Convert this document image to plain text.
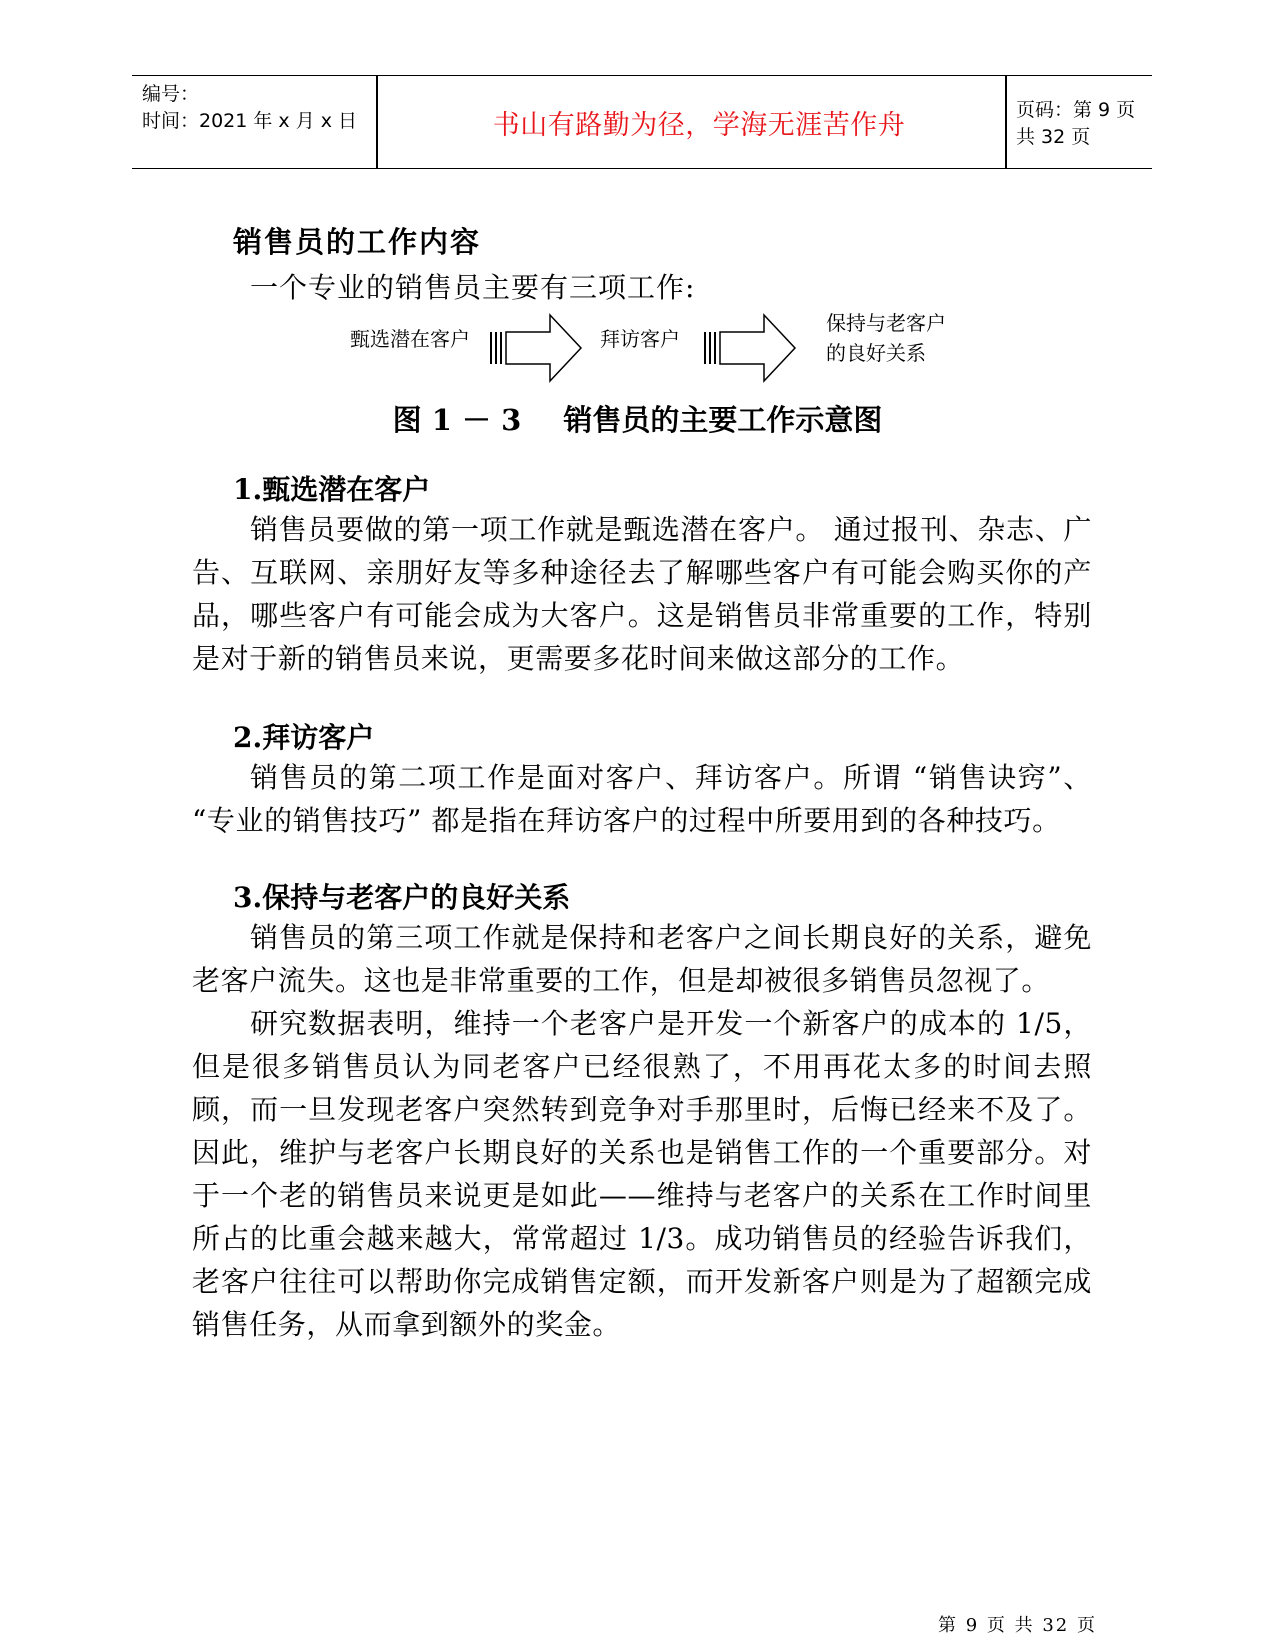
编号：
时间：2021 年 x 月 x 日	书山有路勤为径，学海无涯苦作舟	页码：第 9 页 共 32 页
销售员的工作内容
一个专业的销售员主要有三项工作:
甄选潜在客户	拜访客户
保持与老客户
的良好关系
图 1 － 3 销售员的主要工作示意图
1.甄选潜在客户

销售员要做的第一项工作就是甄选潜在客户。 通过报刊、杂志、广告、互联网、亲朋好友等多种途径去了解哪些客户有可能会购买你的产品，哪些客户有可能会成为大客户。这是销售员非常重要的工作，特别是对于新的销售员来说，更需要多花时间来做这部分的工作。

2.拜访客户

销售员的第二项工作是面对客户、拜访客户。所谓 “销售诀窍”、 “专业的销售技巧” 都是指在拜访客户的过程中所要用到的各种技巧。

3.保持与老客户的良好关系

销售员的第三项工作就是保持和老客户之间长期良好的关系，避免老客户流失。这也是非常重要的工作，但是却被很多销售员忽视了。

研究数据表明，维持一个老客户是开发一个新客户的成本的 1/5，但是很多销售员认为同老客户已经很熟了，不用再花太多的时间去照顾，而一旦发现老客户突然转到竞争对手那里时，后悔已经来不及了。因此，维护与老客户长期良好的关系也是销售工作的一个重要部分。对于一个老的销售员来说更是如此——维持与老客户的关系在工作时间里所占的比重会越来越大，常常超过 1/3。成功销售员的经验告诉我们，老客户往往可以帮助你完成销售定额，而开发新客户则是为了超额完成销售任务，从而拿到额外的奖金。

第 9 页 共 32 页
